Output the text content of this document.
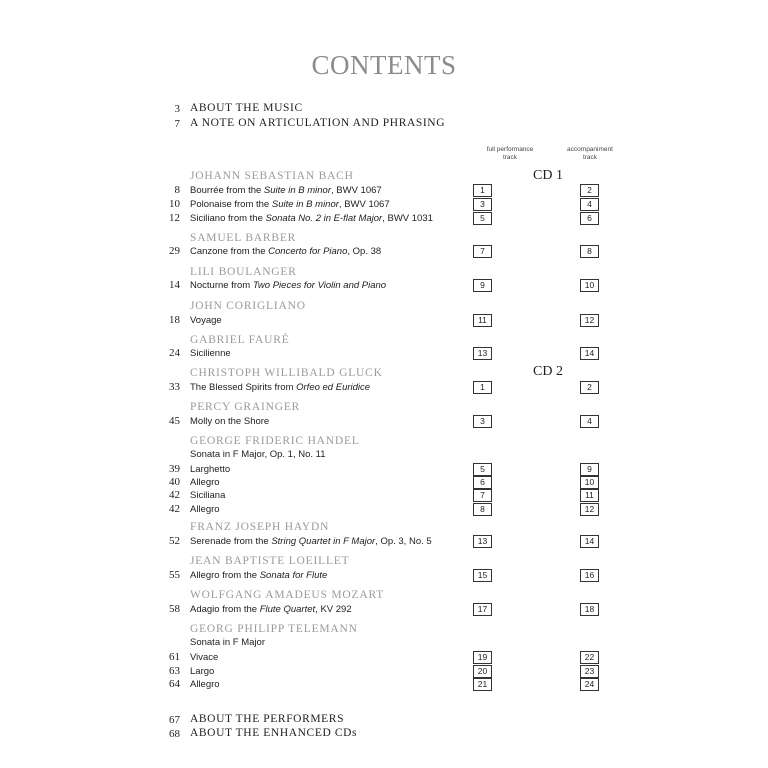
CONTENTS
3 ABOUT THE MUSIC
7 A NOTE ON ARTICULATION AND PHRASING
full performance
track
accompaniment
track
CD 1
CD 2
JOHANN SEBASTIAN BACH
8 Bourrée from the Suite in B minor, BWV 1067	1	2
10 Polonaise from the Suite in B minor, BWV 1067	3	4
12 Siciliano from the Sonata No. 2 in E-flat Major, BWV 1031	5	6
SAMUEL BARBER
29 Canzone from the Concerto for Piano, Op. 38	7	8
LILI BOULANGER
14 Nocturne from Two Pieces for Violin and Piano	9	10
JOHN CORIGLIANO
18 Voyage	11	12
GABRIEL FAURÉ
24 Sicilienne	13	14
CHRISTOPH WILLIBALD GLUCK
33 The Blessed Spirits from Orfeo ed Euridice	1	2
PERCY GRAINGER
45 Molly on the Shore	3	4
GEORGE FRIDERIC HANDEL
Sonata in F Major, Op. 1, No. 11
39 Larghetto	5	9
40 Allegro	6	10
42 Siciliana	7	11
42 Allegro	8	12
FRANZ JOSEPH HAYDN
52 Serenade from the String Quartet in F Major, Op. 3, No. 5	13	14
JEAN BAPTISTE LOEILLET
55 Allegro from the Sonata for Flute	15	16
WOLFGANG AMADEUS MOZART
58 Adagio from the Flute Quartet, KV 292	17	18
GEORG PHILIPP TELEMANN
Sonata in F Major
61 Vivace	19	22
63 Largo	20	23
64 Allegro	21	24
67 ABOUT THE PERFORMERS
68 ABOUT THE ENHANCED CDs
